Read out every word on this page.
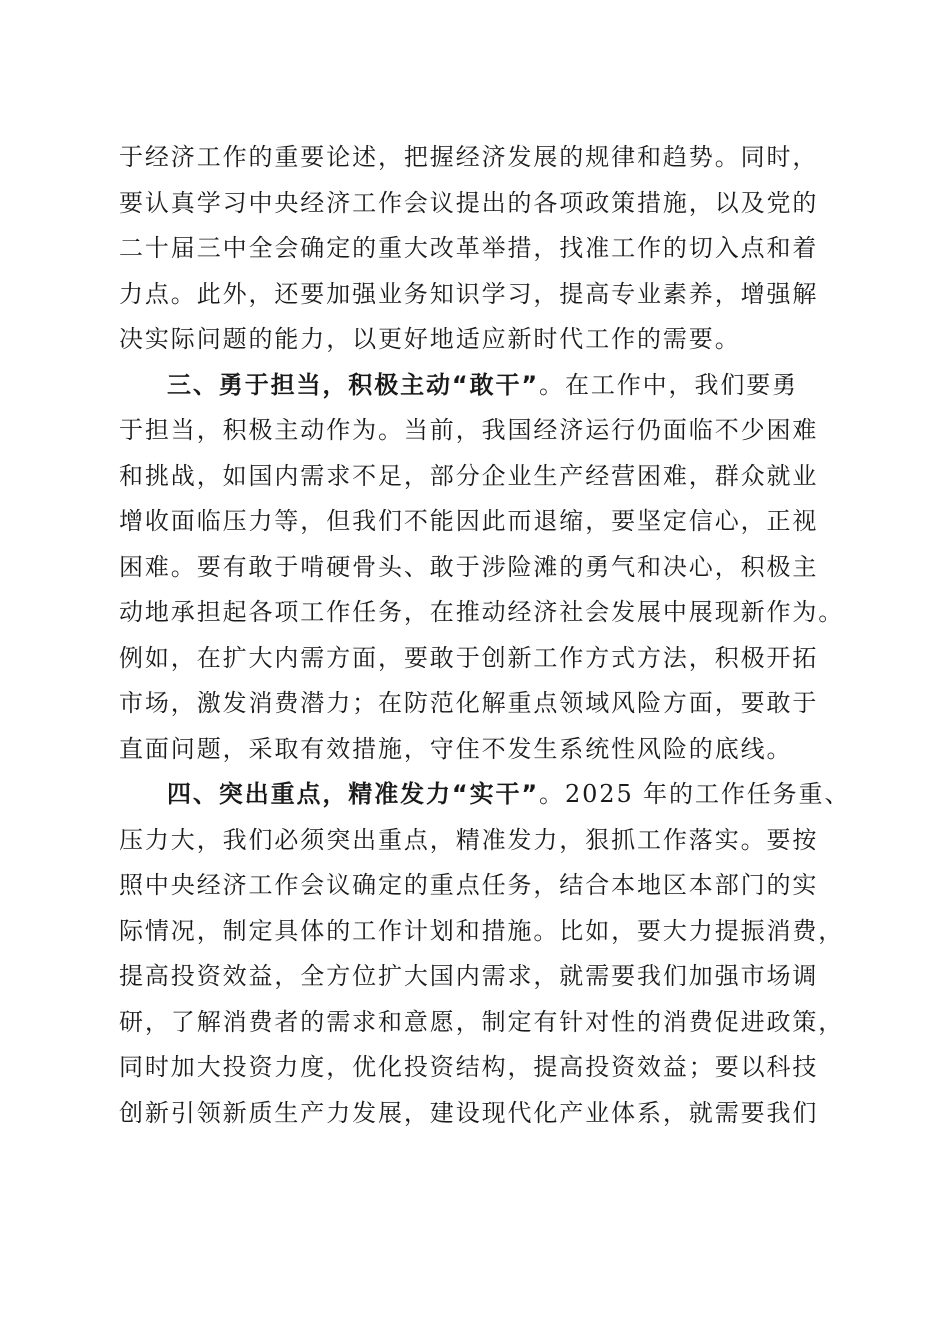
于经济工作的重要论述，把握经济发展的规律和趋势。同时，
要认真学习中央经济工作会议提出的各项政策措施，以及党的
二十届三中全会确定的重大改革举措，找准工作的切入点和着
力点。此外，还要加强业务知识学习，提高专业素养，增强解
决实际问题的能力，以更好地适应新时代工作的需要。
三、勇于担当，积极主动“敢干”。在工作中，我们要勇
于担当，积极主动作为。当前，我国经济运行仍面临不少困难
和挑战，如国内需求不足，部分企业生产经营困难，群众就业
增收面临压力等，但我们不能因此而退缩，要坚定信心，正视
困难。要有敢于啃硬骨头、敢于涉险滩的勇气和决心，积极主
动地承担起各项工作任务，在推动经济社会发展中展现新作为。
例如，在扩大内需方面，要敢于创新工作方式方法，积极开拓
市场，激发消费潜力；在防范化解重点领域风险方面，要敢于
直面问题，采取有效措施，守住不发生系统性风险的底线。
四、突出重点，精准发力“实干”。2025 年的工作任务重、
压力大，我们必须突出重点，精准发力，狠抓工作落实。要按
照中央经济工作会议确定的重点任务，结合本地区本部门的实
际情况，制定具体的工作计划和措施。比如，要大力提振消费，
提高投资效益，全方位扩大国内需求，就需要我们加强市场调
研，了解消费者的需求和意愿，制定有针对性的消费促进政策，
同时加大投资力度，优化投资结构，提高投资效益；要以科技
创新引领新质生产力发展，建设现代化产业体系，就需要我们
